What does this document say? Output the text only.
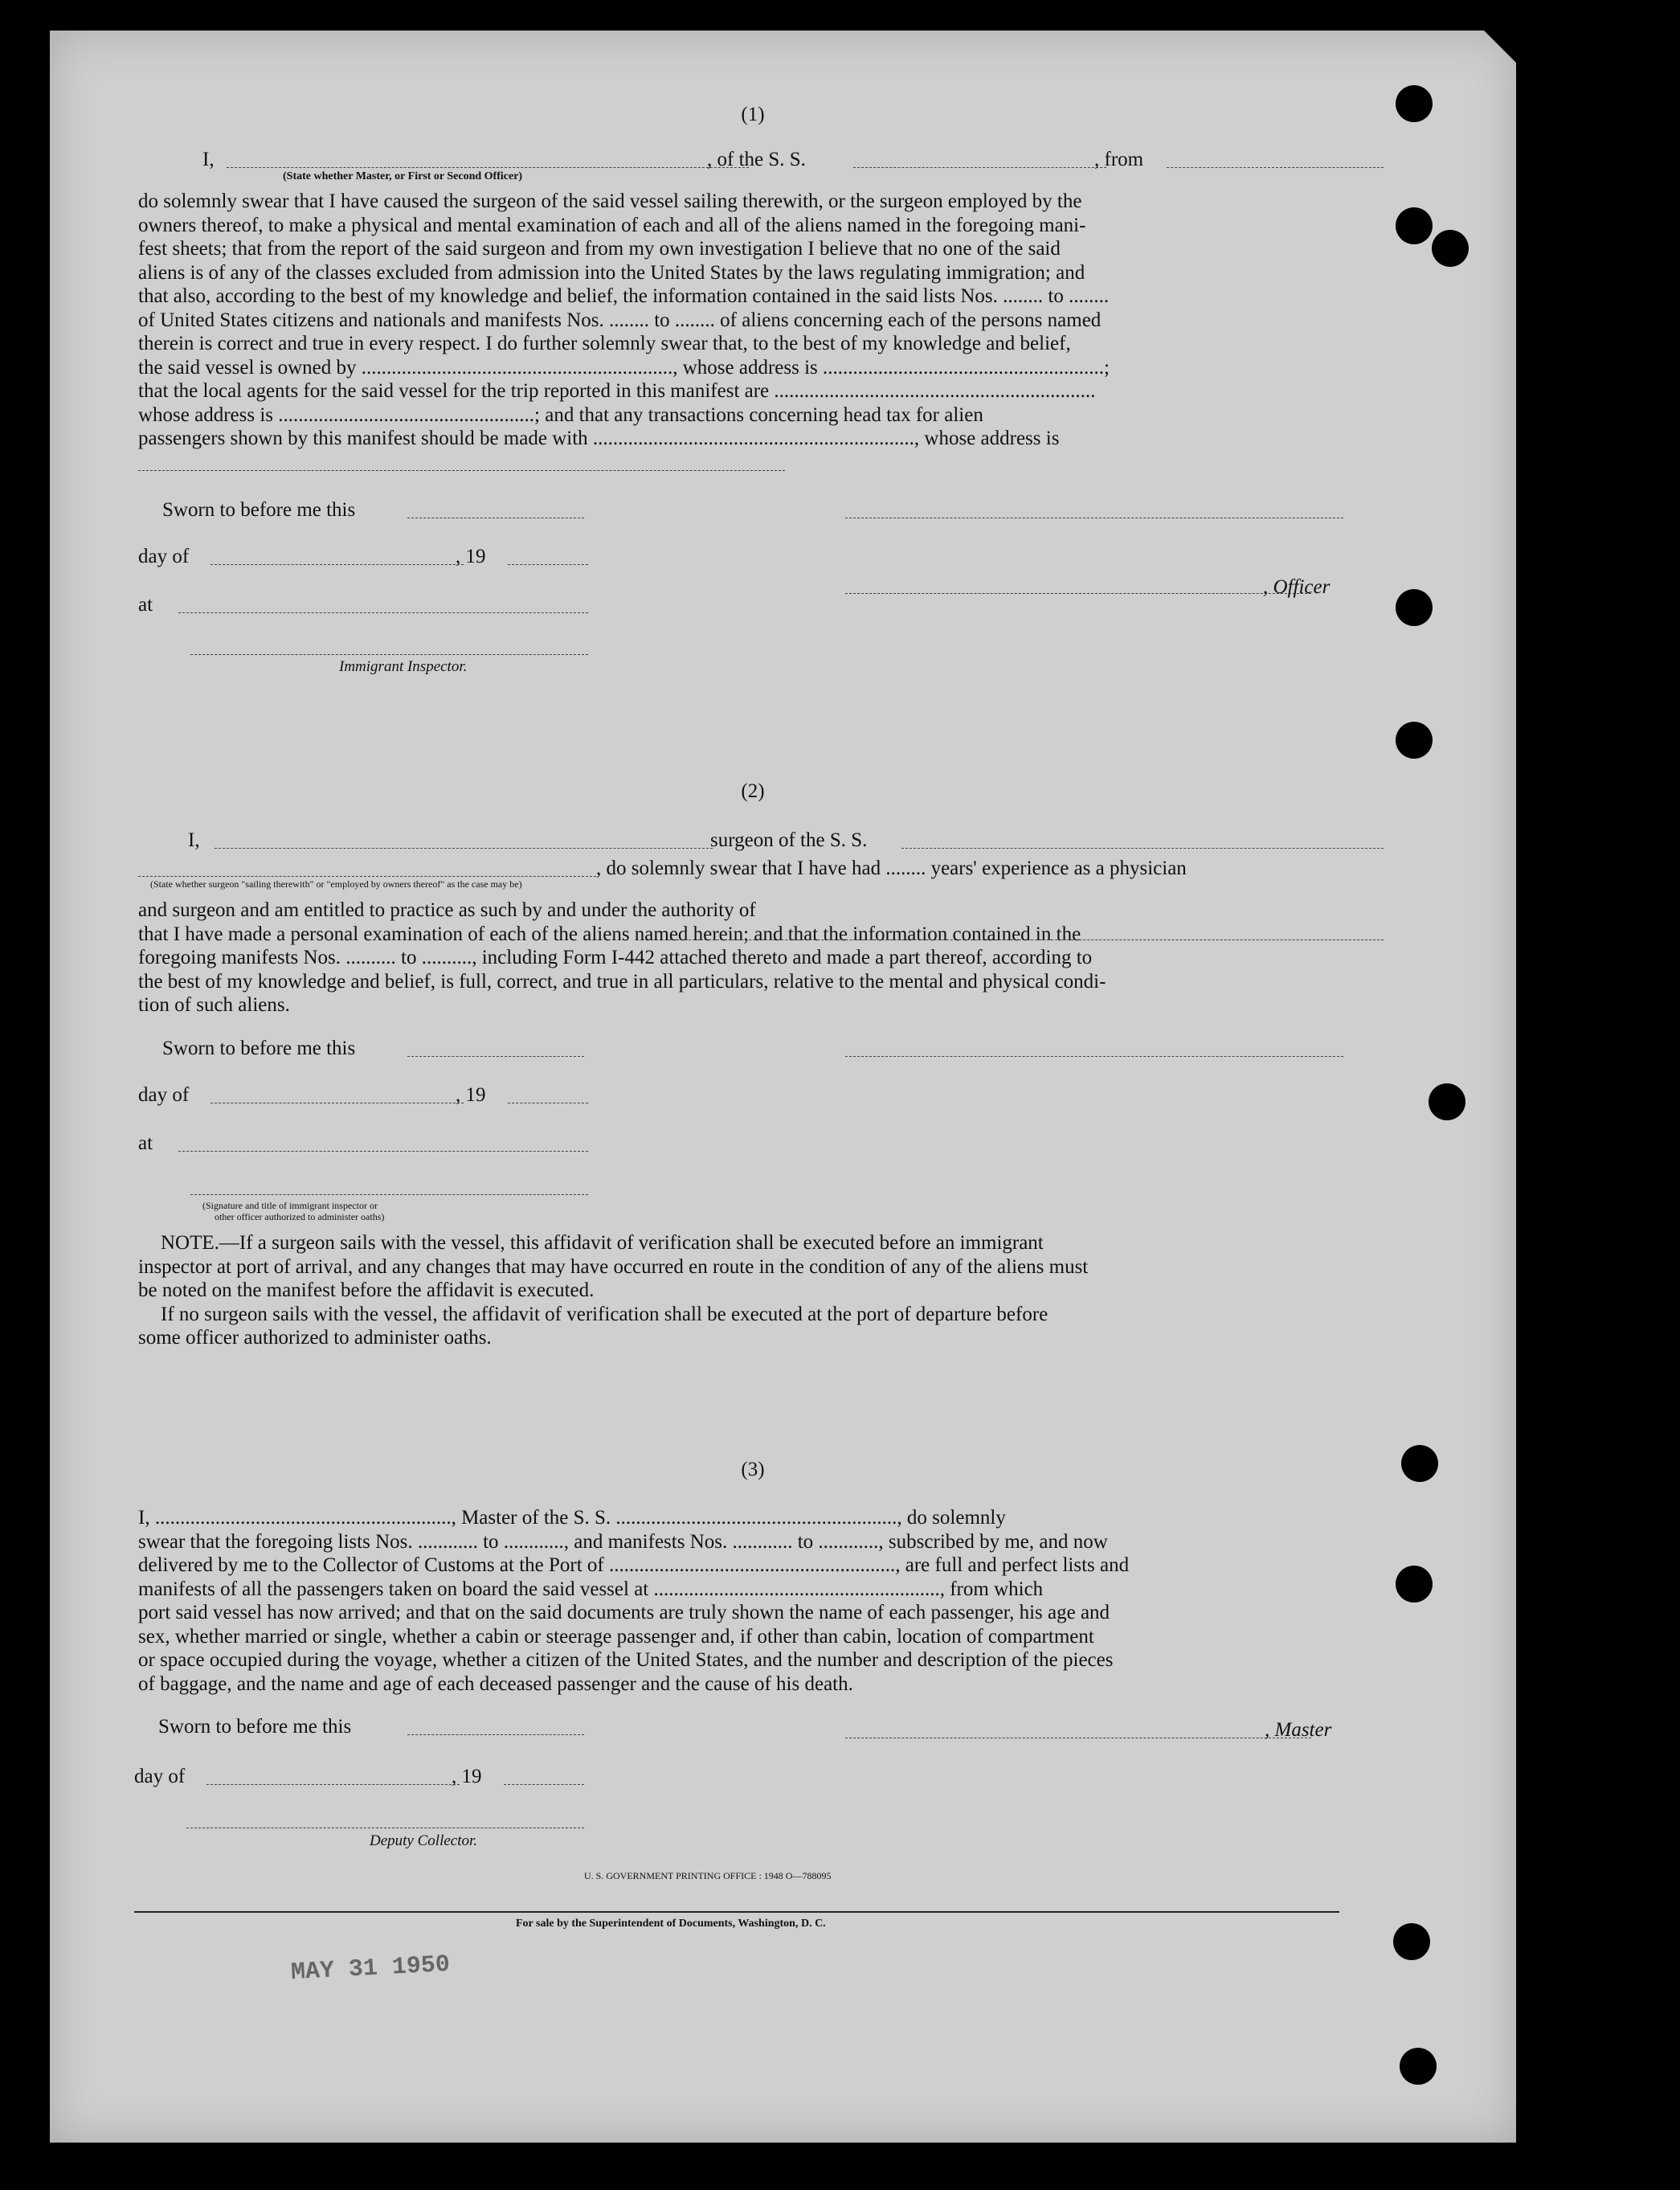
(1)
I,	, of the S. S.	, from
(State whether Master, or First or Second Officer)
do solemnly swear that I have caused the surgeon of the said vessel sailing therewith, or the surgeon employed by the
owners thereof, to make a physical and mental examination of each and all of the aliens named in the foregoing mani-
fest sheets; that from the report of the said surgeon and from my own investigation I believe that no one of the said
aliens is of any of the classes excluded from admission into the United States by the laws regulating immigration; and
that also, according to the best of my knowledge and belief, the information contained in the said lists Nos. ........ to ........
of United States citizens and nationals and manifests Nos. ........ to ........ of aliens concerning each of the persons named
therein is correct and true in every respect. I do further solemnly swear that, to the best of my knowledge and belief,
the said vessel is owned by .............................................................., whose address is ........................................................;
that the local agents for the said vessel for the trip reported in this manifest are ................................................................
whose address is ...................................................; and that any transactions concerning head tax for alien
passengers shown by this manifest should be made with ................................................................, whose address is
Sworn to before me this
day of	, 19
, Officer
at
Immigrant Inspector.
(2)
I,	surgeon of the S. S.
, do solemnly swear that I have had ........ years' experience as a physician
(State whether surgeon "sailing therewith" or "employed by owners thereof" as the case may be)
and surgeon and am entitled to practice as such by and under the authority of
that I have made a personal examination of each of the aliens named herein; and that the information contained in the
foregoing manifests Nos. .......... to .........., including Form I-442 attached thereto and made a part thereof, according to
the best of my knowledge and belief, is full, correct, and true in all particulars, relative to the mental and physical condi-
tion of such aliens.
Sworn to before me this
day of	, 19
at
(Signature and title of immigrant inspector or
other officer authorized to administer oaths)
NOTE.—If a surgeon sails with the vessel, this affidavit of verification shall be executed before an immigrant
inspector at port of arrival, and any changes that may have occurred en route in the condition of any of the aliens must
be noted on the manifest before the affidavit is executed.
If no surgeon sails with the vessel, the affidavit of verification shall be executed at the port of departure before
some officer authorized to administer oaths.
(3)
I, ..........................................................., Master of the S. S. ........................................................, do solemnly
swear that the foregoing lists Nos. ............ to ............, and manifests Nos. ............ to ............, subscribed by me, and now
delivered by me to the Collector of Customs at the Port of ........................................................., are full and perfect lists and
manifests of all the passengers taken on board the said vessel at ........................................................., from which
port said vessel has now arrived; and that on the said documents are truly shown the name of each passenger, his age and
sex, whether married or single, whether a cabin or steerage passenger and, if other than cabin, location of compartment
or space occupied during the voyage, whether a citizen of the United States, and the number and description of the pieces
of baggage, and the name and age of each deceased passenger and the cause of his death.
Sworn to before me this	, Master
day of	, 19
Deputy Collector.
U. S. GOVERNMENT PRINTING OFFICE : 1948 O—788095
For sale by the Superintendent of Documents, Washington, D. C.
MAY 31 1950
